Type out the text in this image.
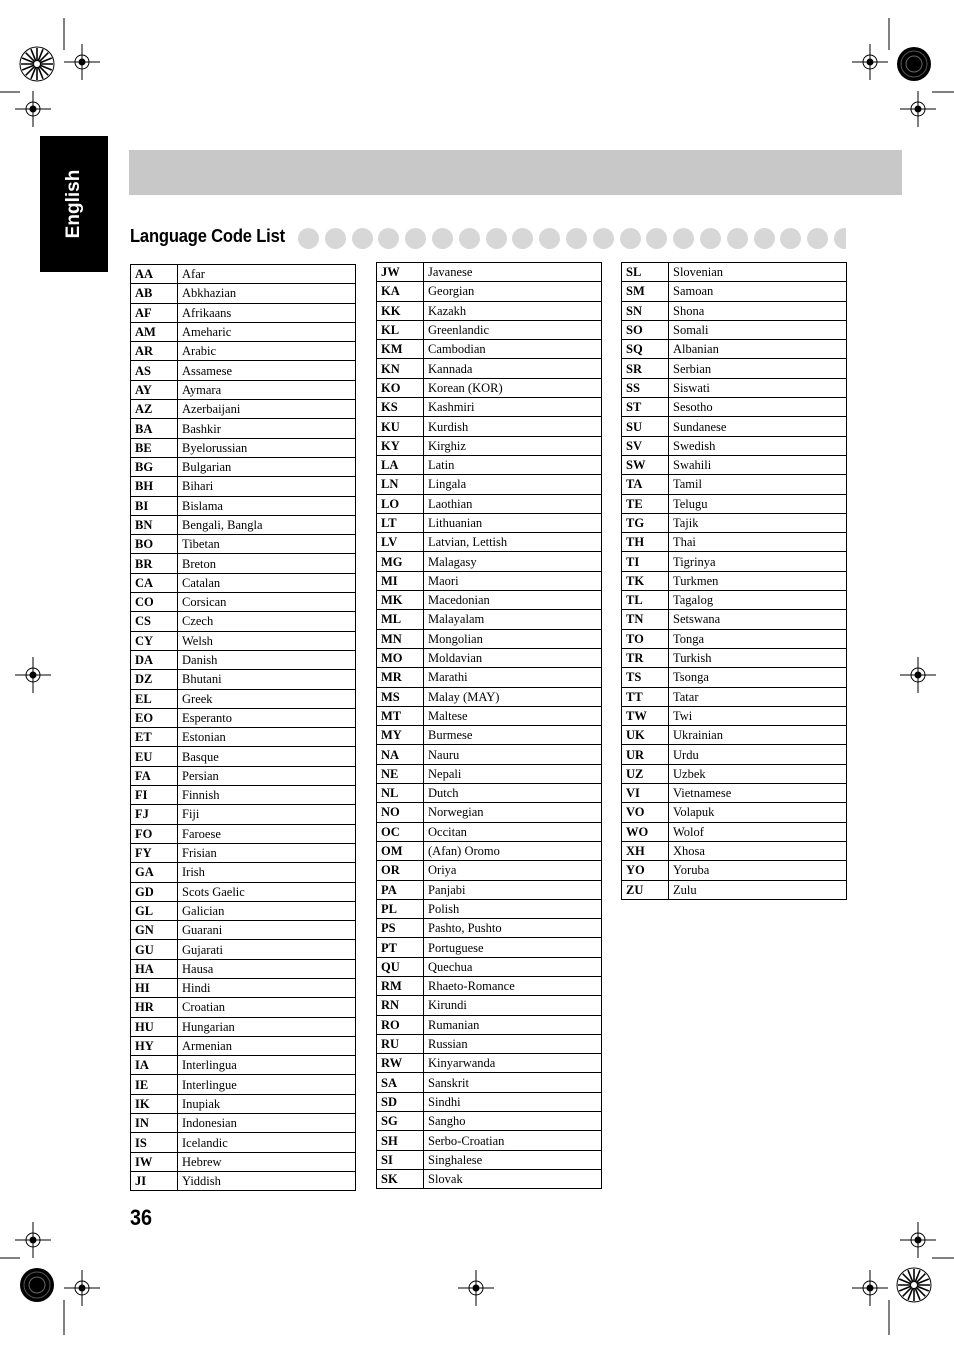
English	Language Code List
AA	Afar
AB	Abkhazian
AF	Afrikaans
AM	Ameharic
AR	Arabic
AS	Assamese
AY	Aymara
AZ	Azerbaijani
BA	Bashkir
BE	Byelorussian
BG	Bulgarian
BH	Bihari
BI	Bislama
BN	Bengali, Bangla
BO	Tibetan
BR	Breton
CA	Catalan
CO	Corsican
CS	Czech
CY	Welsh
DA	Danish
DZ	Bhutani
EL	Greek
EO	Esperanto
ET	Estonian
EU	Basque
FA	Persian
FI	Finnish
FJ	Fiji
FO	Faroese
FY	Frisian
GA	Irish
GD	Scots Gaelic
GL	Galician
GN	Guarani
GU	Gujarati
HA	Hausa
HI	Hindi
HR	Croatian
HU	Hungarian
HY	Armenian
IA	Interlingua
IE	Interlingue
IK	Inupiak
IN	Indonesian
IS	Icelandic
IW	Hebrew
JI	Yiddish
JW	Javanese
KA	Georgian
KK	Kazakh
KL	Greenlandic
KM	Cambodian
KN	Kannada
KO	Korean (KOR)
KS	Kashmiri
KU	Kurdish
KY	Kirghiz
LA	Latin
LN	Lingala
LO	Laothian
LT	Lithuanian
LV	Latvian, Lettish
MG	Malagasy
MI	Maori
MK	Macedonian
ML	Malayalam
MN	Mongolian
MO	Moldavian
MR	Marathi
MS	Malay (MAY)
MT	Maltese
MY	Burmese
NA	Nauru
NE	Nepali
NL	Dutch
NO	Norwegian
OC	Occitan
OM	(Afan) Oromo
OR	Oriya
PA	Panjabi
PL	Polish
PS	Pashto, Pushto
PT	Portuguese
QU	Quechua
RM	Rhaeto-Romance
RN	Kirundi
RO	Rumanian
RU	Russian
RW	Kinyarwanda
SA	Sanskrit
SD	Sindhi
SG	Sangho
SH	Serbo-Croatian
SI	Singhalese
SK	Slovak
SL	Slovenian
SM	Samoan
SN	Shona
SO	Somali
SQ	Albanian
SR	Serbian
SS	Siswati
ST	Sesotho
SU	Sundanese
SV	Swedish
SW	Swahili
TA	Tamil
TE	Telugu
TG	Tajik
TH	Thai
TI	Tigrinya
TK	Turkmen
TL	Tagalog
TN	Setswana
TO	Tonga
TR	Turkish
TS	Tsonga
TT	Tatar
TW	Twi
UK	Ukrainian
UR	Urdu
UZ	Uzbek
VI	Vietnamese
VO	Volapuk
WO	Wolof
XH	Xhosa
YO	Yoruba
ZU	Zulu
36
